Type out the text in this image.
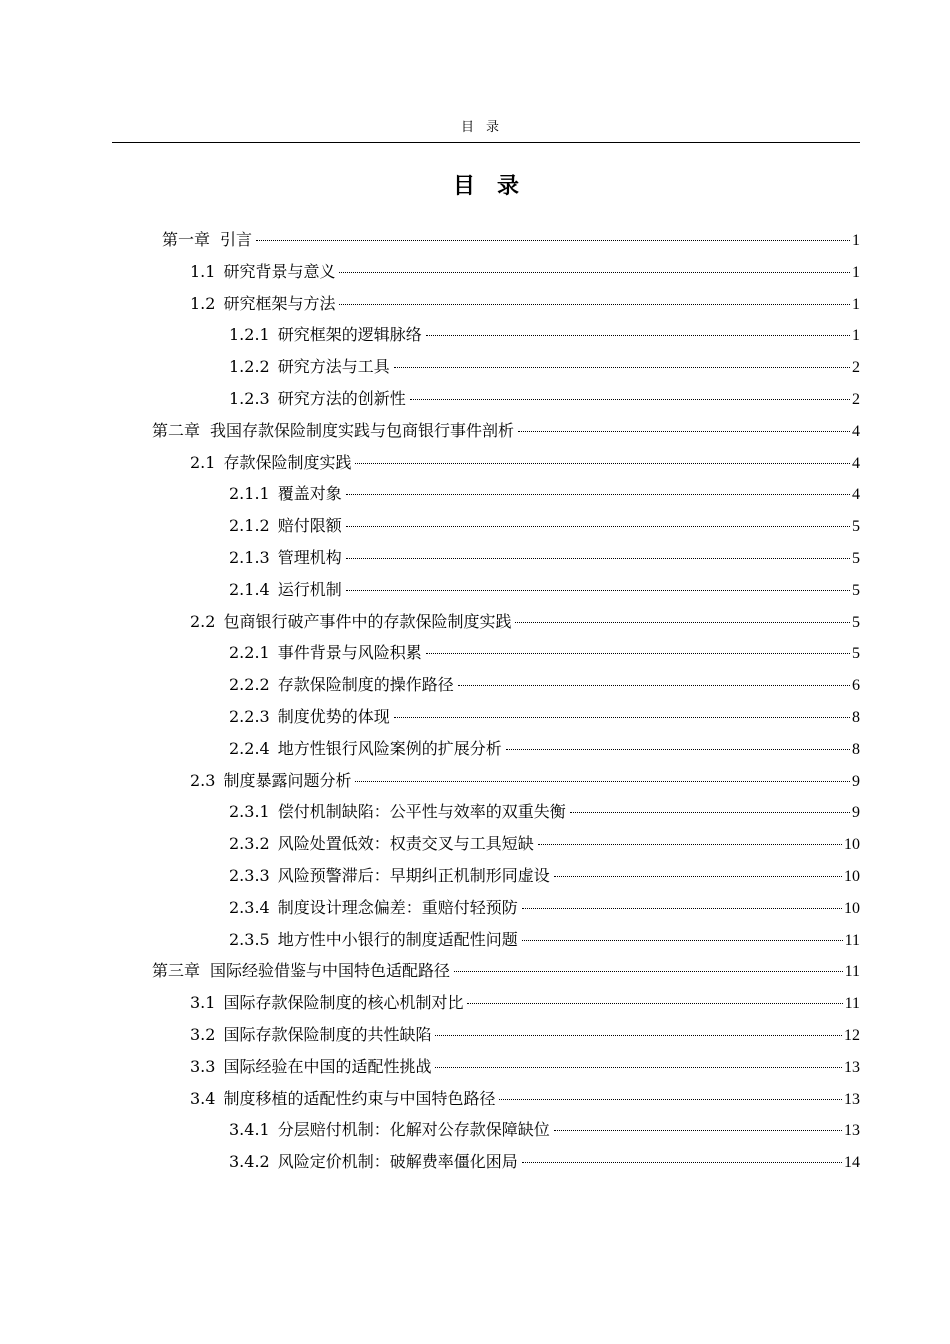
目录
目录
第一章 引言	1
1.1 研究背景与意义	1
1.2 研究框架与方法	1
1.2.1 研究框架的逻辑脉络	1
1.2.2 研究方法与工具	2
1.2.3 研究方法的创新性	2
第二章 我国存款保险制度实践与包商银行事件剖析	4
2.1 存款保险制度实践	4
2.1.1 覆盖对象	4
2.1.2 赔付限额	5
2.1.3 管理机构	5
2.1.4 运行机制	5
2.2 包商银行破产事件中的存款保险制度实践	5
2.2.1 事件背景与风险积累	5
2.2.2 存款保险制度的操作路径	6
2.2.3 制度优势的体现	8
2.2.4 地方性银行风险案例的扩展分析	8
2.3 制度暴露问题分析	9
2.3.1 偿付机制缺陷：公平性与效率的双重失衡	9
2.3.2 风险处置低效：权责交叉与工具短缺	10
2.3.3 风险预警滞后：早期纠正机制形同虚设	10
2.3.4 制度设计理念偏差：重赔付轻预防	10
2.3.5 地方性中小银行的制度适配性问题	11
第三章 国际经验借鉴与中国特色适配路径	11
3.1 国际存款保险制度的核心机制对比	11
3.2 国际存款保险制度的共性缺陷	12
3.3 国际经验在中国的适配性挑战	13
3.4 制度移植的适配性约束与中国特色路径	13
3.4.1 分层赔付机制：化解对公存款保障缺位	13
3.4.2 风险定价机制：破解费率僵化困局	14
